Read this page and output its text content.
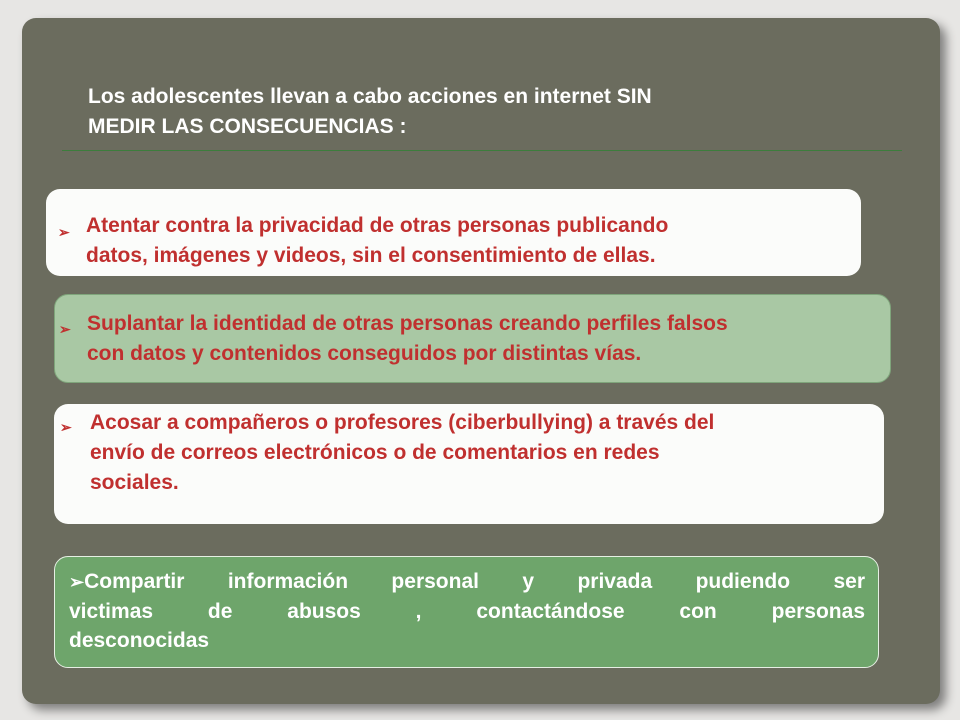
Los adolescentes llevan a cabo acciones en internet SIN
MEDIR LAS CONSECUENCIAS :
➢ Atentar contra la privacidad de otras personas publicando
datos, imágenes y videos, sin el consentimiento de ellas.
➢ Suplantar la identidad de otras personas creando perfiles falsos
con datos y contenidos conseguidos por distintas vías.
➢ Acosar a compañeros o profesores (ciberbullying) a través del
envío de correos electrónicos o de comentarios en redes
sociales.
➢Compartir información personal y privada pudiendo ser
victimas de abusos , contactándose con personas
desconocidas
